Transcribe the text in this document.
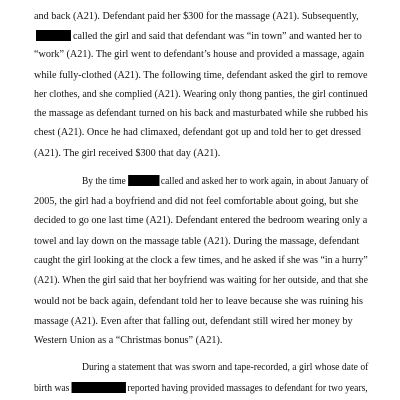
and back (A21). Defendant paid her $300 for the massage (A21). Subsequently,
called the girl and said that defendant was “in town” and wanted her to
“work” (A21). The girl went to defendant’s house and provided a massage, again
while fully-clothed (A21). The following time, defendant asked the girl to remove
her clothes, and she complied (A21). Wearing only thong panties, the girl continued
the massage as defendant turned on his back and masturbated while she rubbed his
chest (A21). Once he had climaxed, defendant got up and told her to get dressed
(A21). The girl received $300 that day (A21).
By the time	called and asked her to work again, in about January of
2005, the girl had a boyfriend and did not feel comfortable about going, but she
decided to go one last time (A21). Defendant entered the bedroom wearing only a
towel and lay down on the massage table (A21). During the massage, defendant
caught the girl looking at the clock a few times, and he asked if she was “in a hurry”
(A21). When the girl said that her boyfriend was waiting for her outside, and that she
would not be back again, defendant told her to leave because she was ruining his
massage (A21). Even after that falling out, defendant still wired her money by
Western Union as a “Christmas bonus” (A21).
During a statement that was sworn and tape-recorded, a girl whose date of
birth was	reported having provided massages to defendant for two years,
